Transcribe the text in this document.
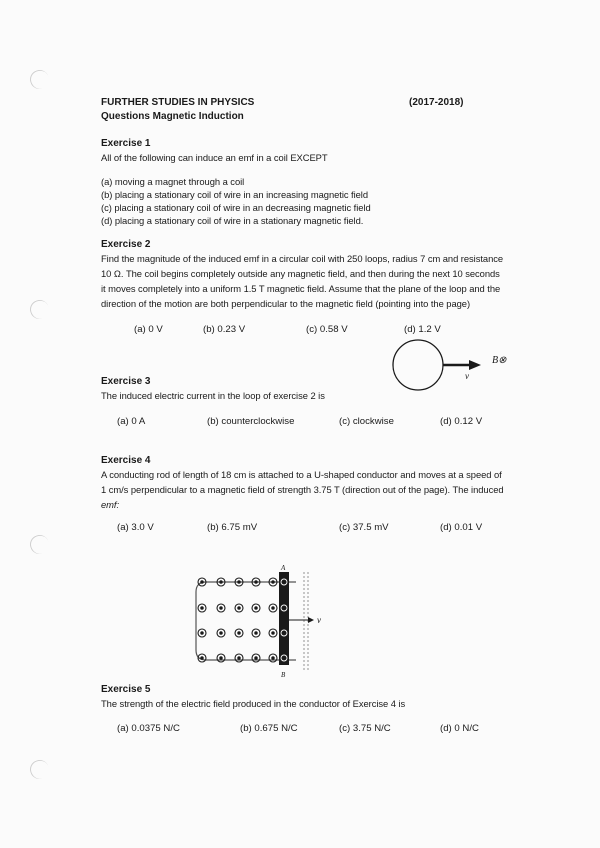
FURTHER STUDIES IN PHYSICS	(2017-2018)
Questions Magnetic Induction
Exercise 1
All of the following can induce an emf in a coil EXCEPT
(a) moving a magnet through a coil
(b) placing a stationary coil of wire in an increasing magnetic field
(c) placing a stationary coil of wire in an decreasing magnetic field
(d) placing a stationary coil of wire in a stationary magnetic field.
Exercise 2
Find the magnitude of the induced emf in a circular coil with 250 loops, radius 7 cm and resistance
10 Ω. The coil begins completely outside any magnetic field, and then during the next 10 seconds
it moves completely into a uniform 1.5 T magnetic field. Assume that the plane of the loop and the
direction of the motion are both perpendicular to the magnetic field (pointing into the page)
(a) 0 V	(b) 0.23 V	(c) 0.58 V	(d) 1.2 V
v
B⊗
Exercise 3
The induced electric current in the loop of exercise 2 is
(a) 0 A	(b) counterclockwise	(c) clockwise	(d) 0.12 V
Exercise 4
A conducting rod of length of 18 cm is attached to a U-shaped conductor and moves at a speed of
1 cm/s perpendicular to a magnetic field of strength 3.75 T (direction out of the page). The induced
emf:
(a) 3.0 V	(b) 6.75 mV	(c) 37.5 mV	(d) 0.01 V
v
A
B
Exercise 5
The strength of the electric field produced in the conductor of Exercise 4 is
(a) 0.0375 N/C	(b) 0.675 N/C	(c) 3.75 N/C	(d) 0 N/C
